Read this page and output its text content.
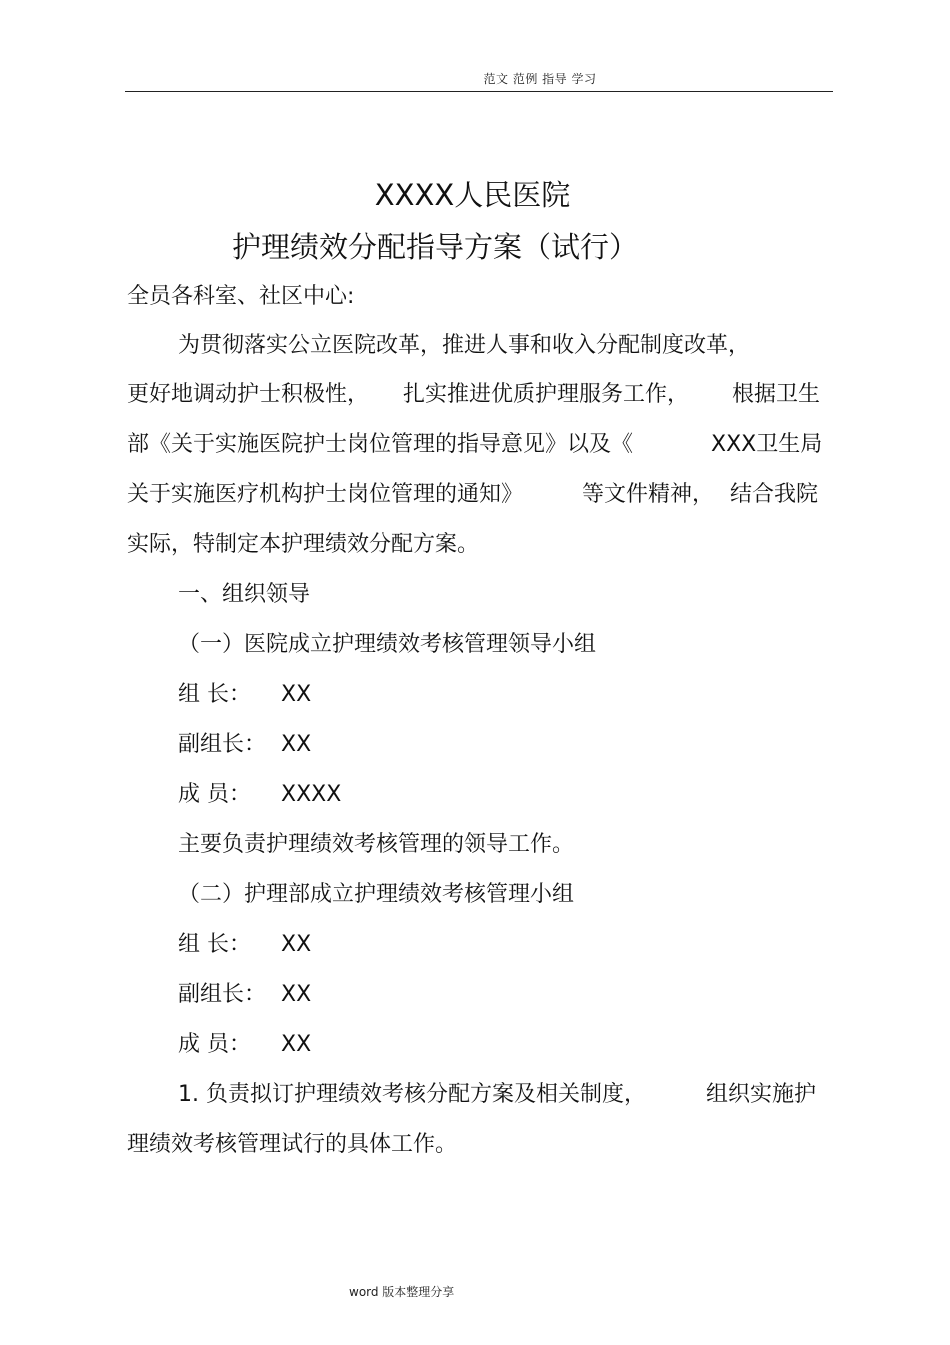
范文 范例 指导 学习
XXXX人民医院
护理绩效分配指导方案（试行）
全员各科室、社区中心:
为贯彻落实公立医院改革，推进人事和收入分配制度改革，
更好地调动护士积极性， 扎实推进优质护理服务工作， 根据卫生
部《关于实施医院护士岗位管理的指导意见》以及《	XXX卫生局
关于实施医疗机构护士岗位管理的通知》	等文件精神， 结合我院
实际，特制定本护理绩效分配方案。
一、组织领导
（一）医院成立护理绩效考核管理领导小组
组 长： XX
副组长： XX
成 员： XXXX
主要负责护理绩效考核管理的领导工作。
（二）护理部成立护理绩效考核管理小组
组 长： XX
副组长： XX
成 员： XX
1. 负责拟订护理绩效考核分配方案及相关制度，	组织实施护
理绩效考核管理试行的具体工作。
word 版本整理分享
